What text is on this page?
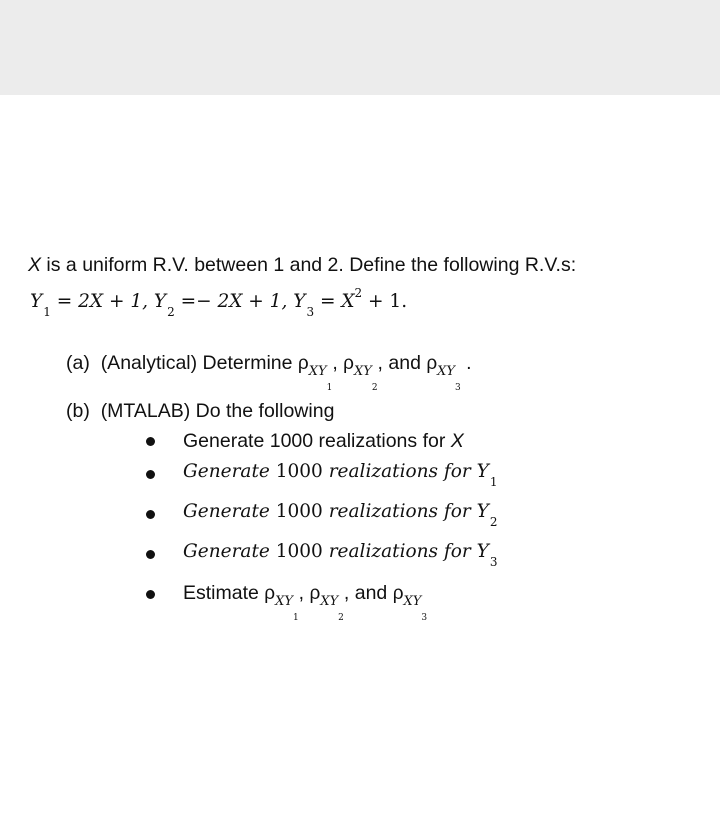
X is a uniform R.V. between 1 and 2. Define the following R.V.s:
$Y_1 = 2X + 1$, $Y_2 =- 2X + 1$, $Y_3 = X^2 + 1$.
(a) (Analytical) Determine $\rho_{XY_1}$, $\rho_{XY_2}$, and $\rho_{XY_3}$ .
(b) (MTALAB) Do the following
Generate 1000 realizations for X
Generate 1000 realizations for $Y_1$
Generate 1000 realizations for $Y_2$
Generate 1000 realizations for $Y_3$
Estimate $\rho_{XY_1}$, $\rho_{XY_2}$, and $\rho_{XY_3}$
